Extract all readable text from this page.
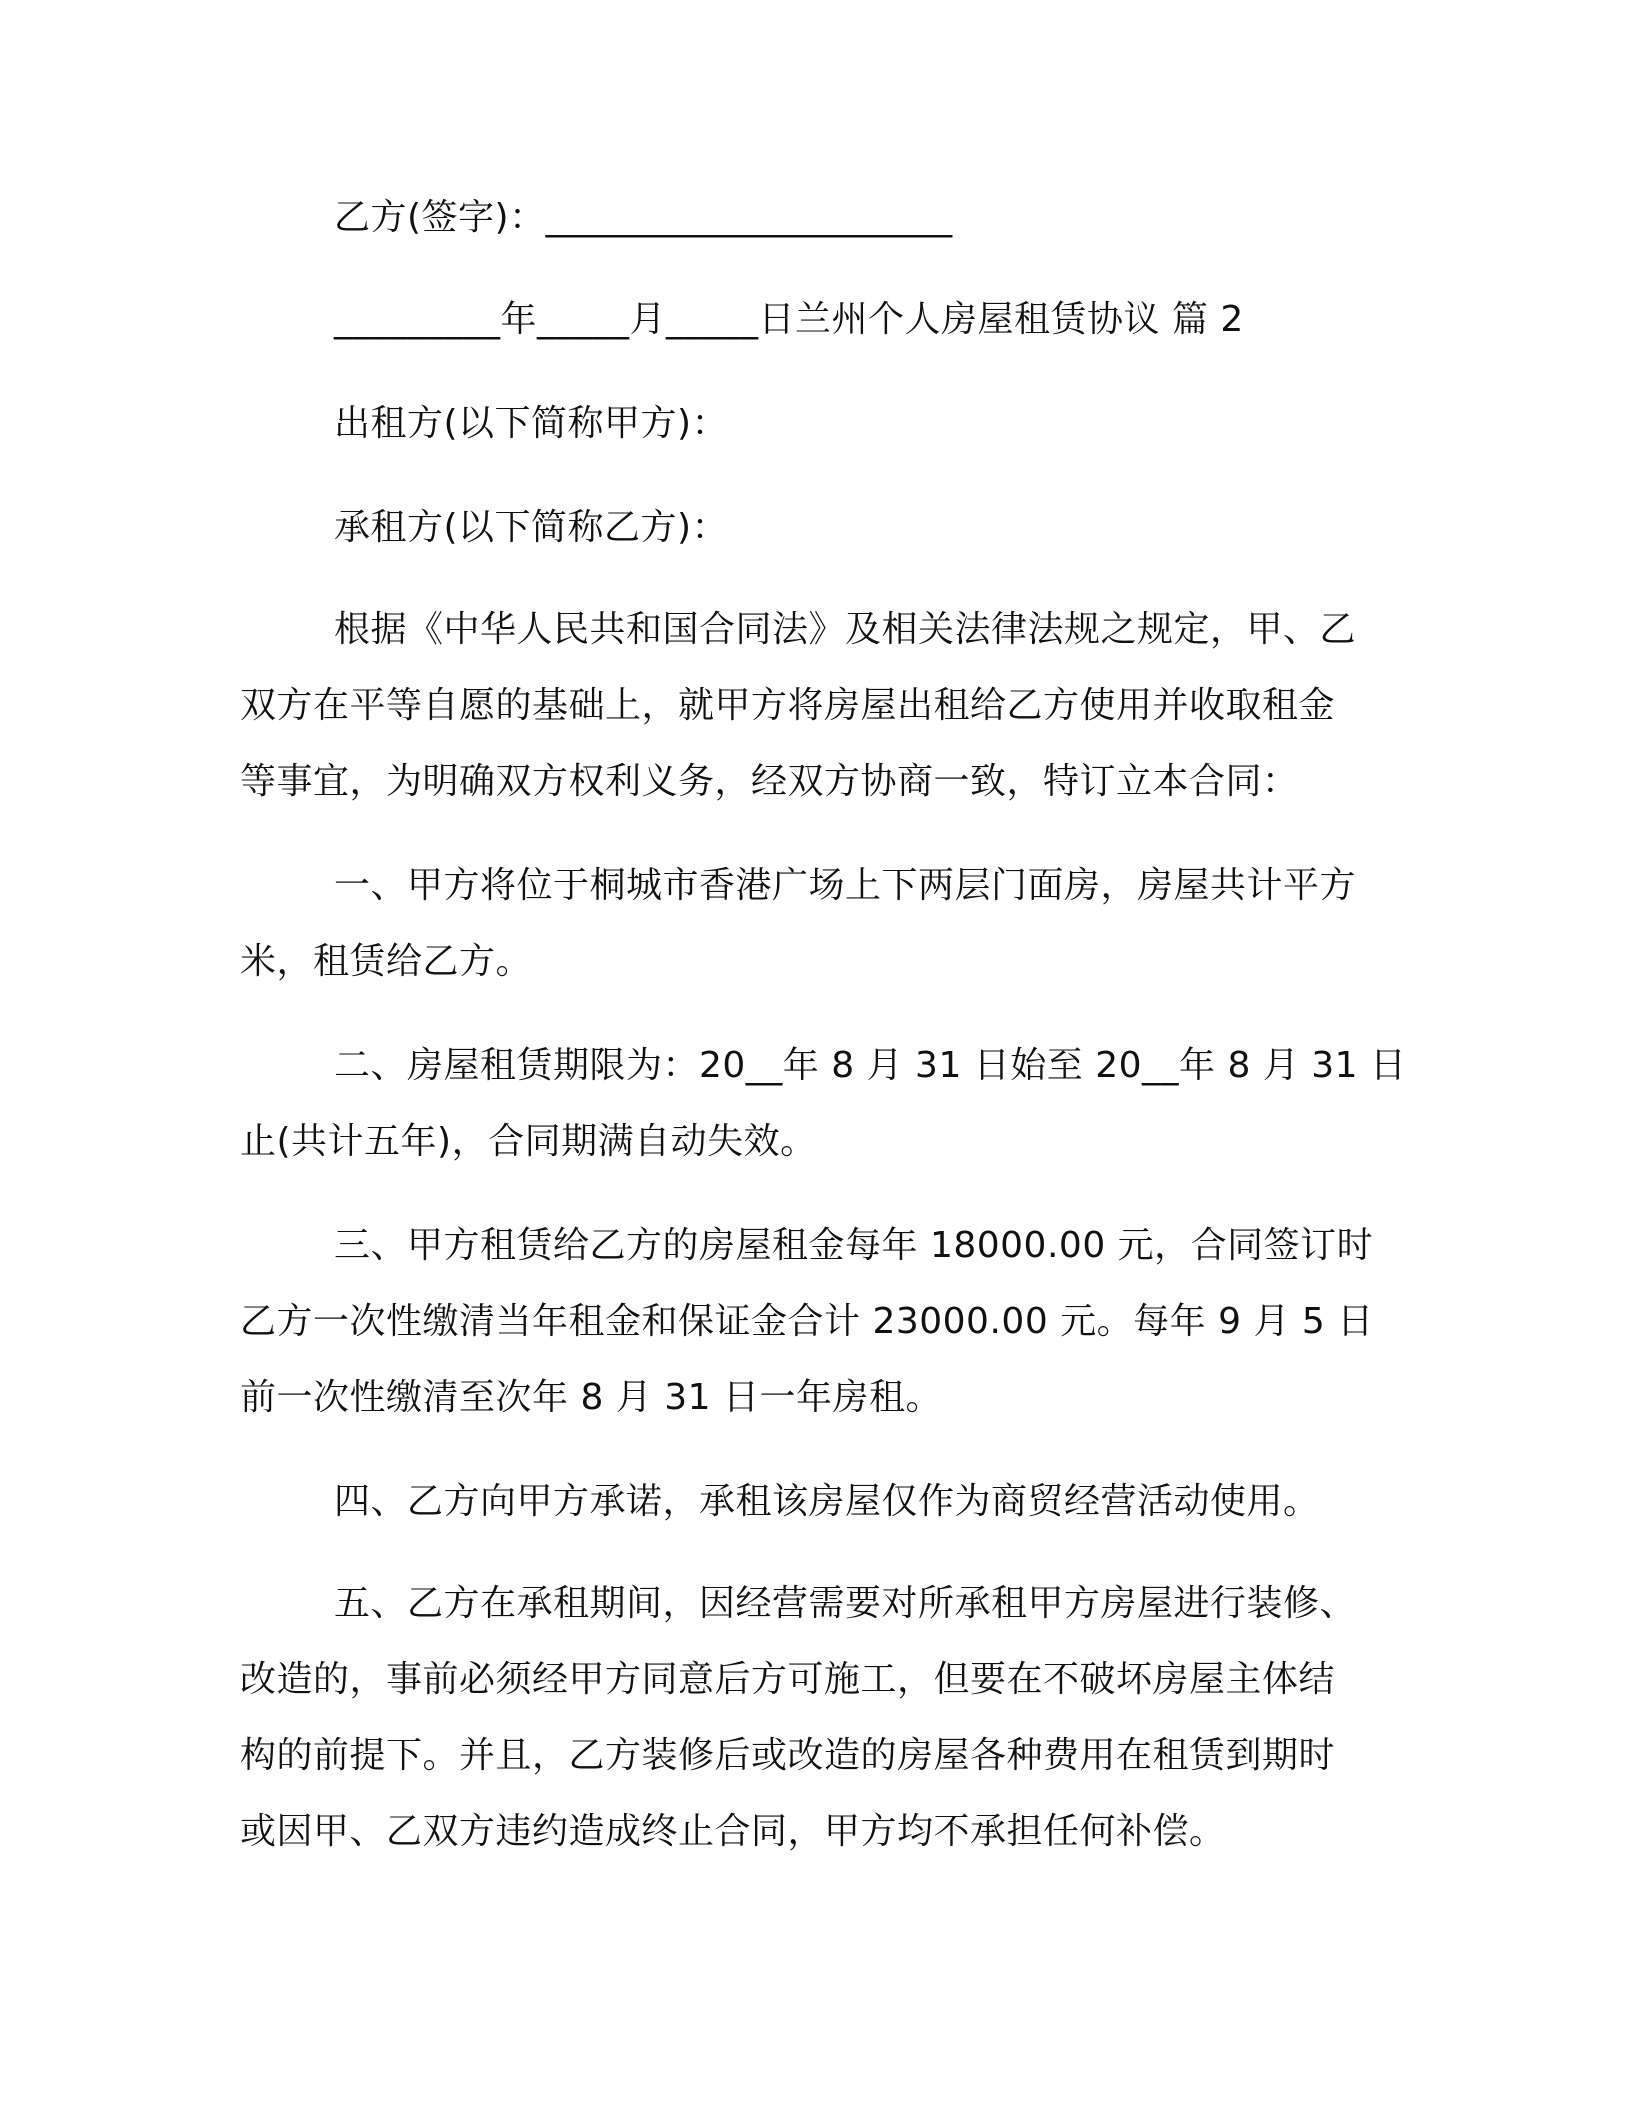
乙方(签字)：______________________
_________年_____月_____日兰州个人房屋租赁协议 篇 2
出租方(以下简称甲方)：
承租方(以下简称乙方)：
根据《中华人民共和国合同法》及相关法律法规之规定，甲、乙
双方在平等自愿的基础上，就甲方将房屋出租给乙方使用并收取租金
等事宜，为明确双方权利义务，经双方协商一致，特订立本合同：
一、甲方将位于桐城市香港广场上下两层门面房，房屋共计平方
米，租赁给乙方。
二、房屋租赁期限为：20__年 8 月 31 日始至 20__年 8 月 31 日
止(共计五年)，合同期满自动失效。
三、甲方租赁给乙方的房屋租金每年 18000.00 元，合同签订时
乙方一次性缴清当年租金和保证金合计 23000.00 元。每年 9 月 5 日
前一次性缴清至次年 8 月 31 日一年房租。
四、乙方向甲方承诺，承租该房屋仅作为商贸经营活动使用。
五、乙方在承租期间，因经营需要对所承租甲方房屋进行装修、
改造的，事前必须经甲方同意后方可施工，但要在不破坏房屋主体结
构的前提下。并且，乙方装修后或改造的房屋各种费用在租赁到期时
或因甲、乙双方违约造成终止合同，甲方均不承担任何补偿。
